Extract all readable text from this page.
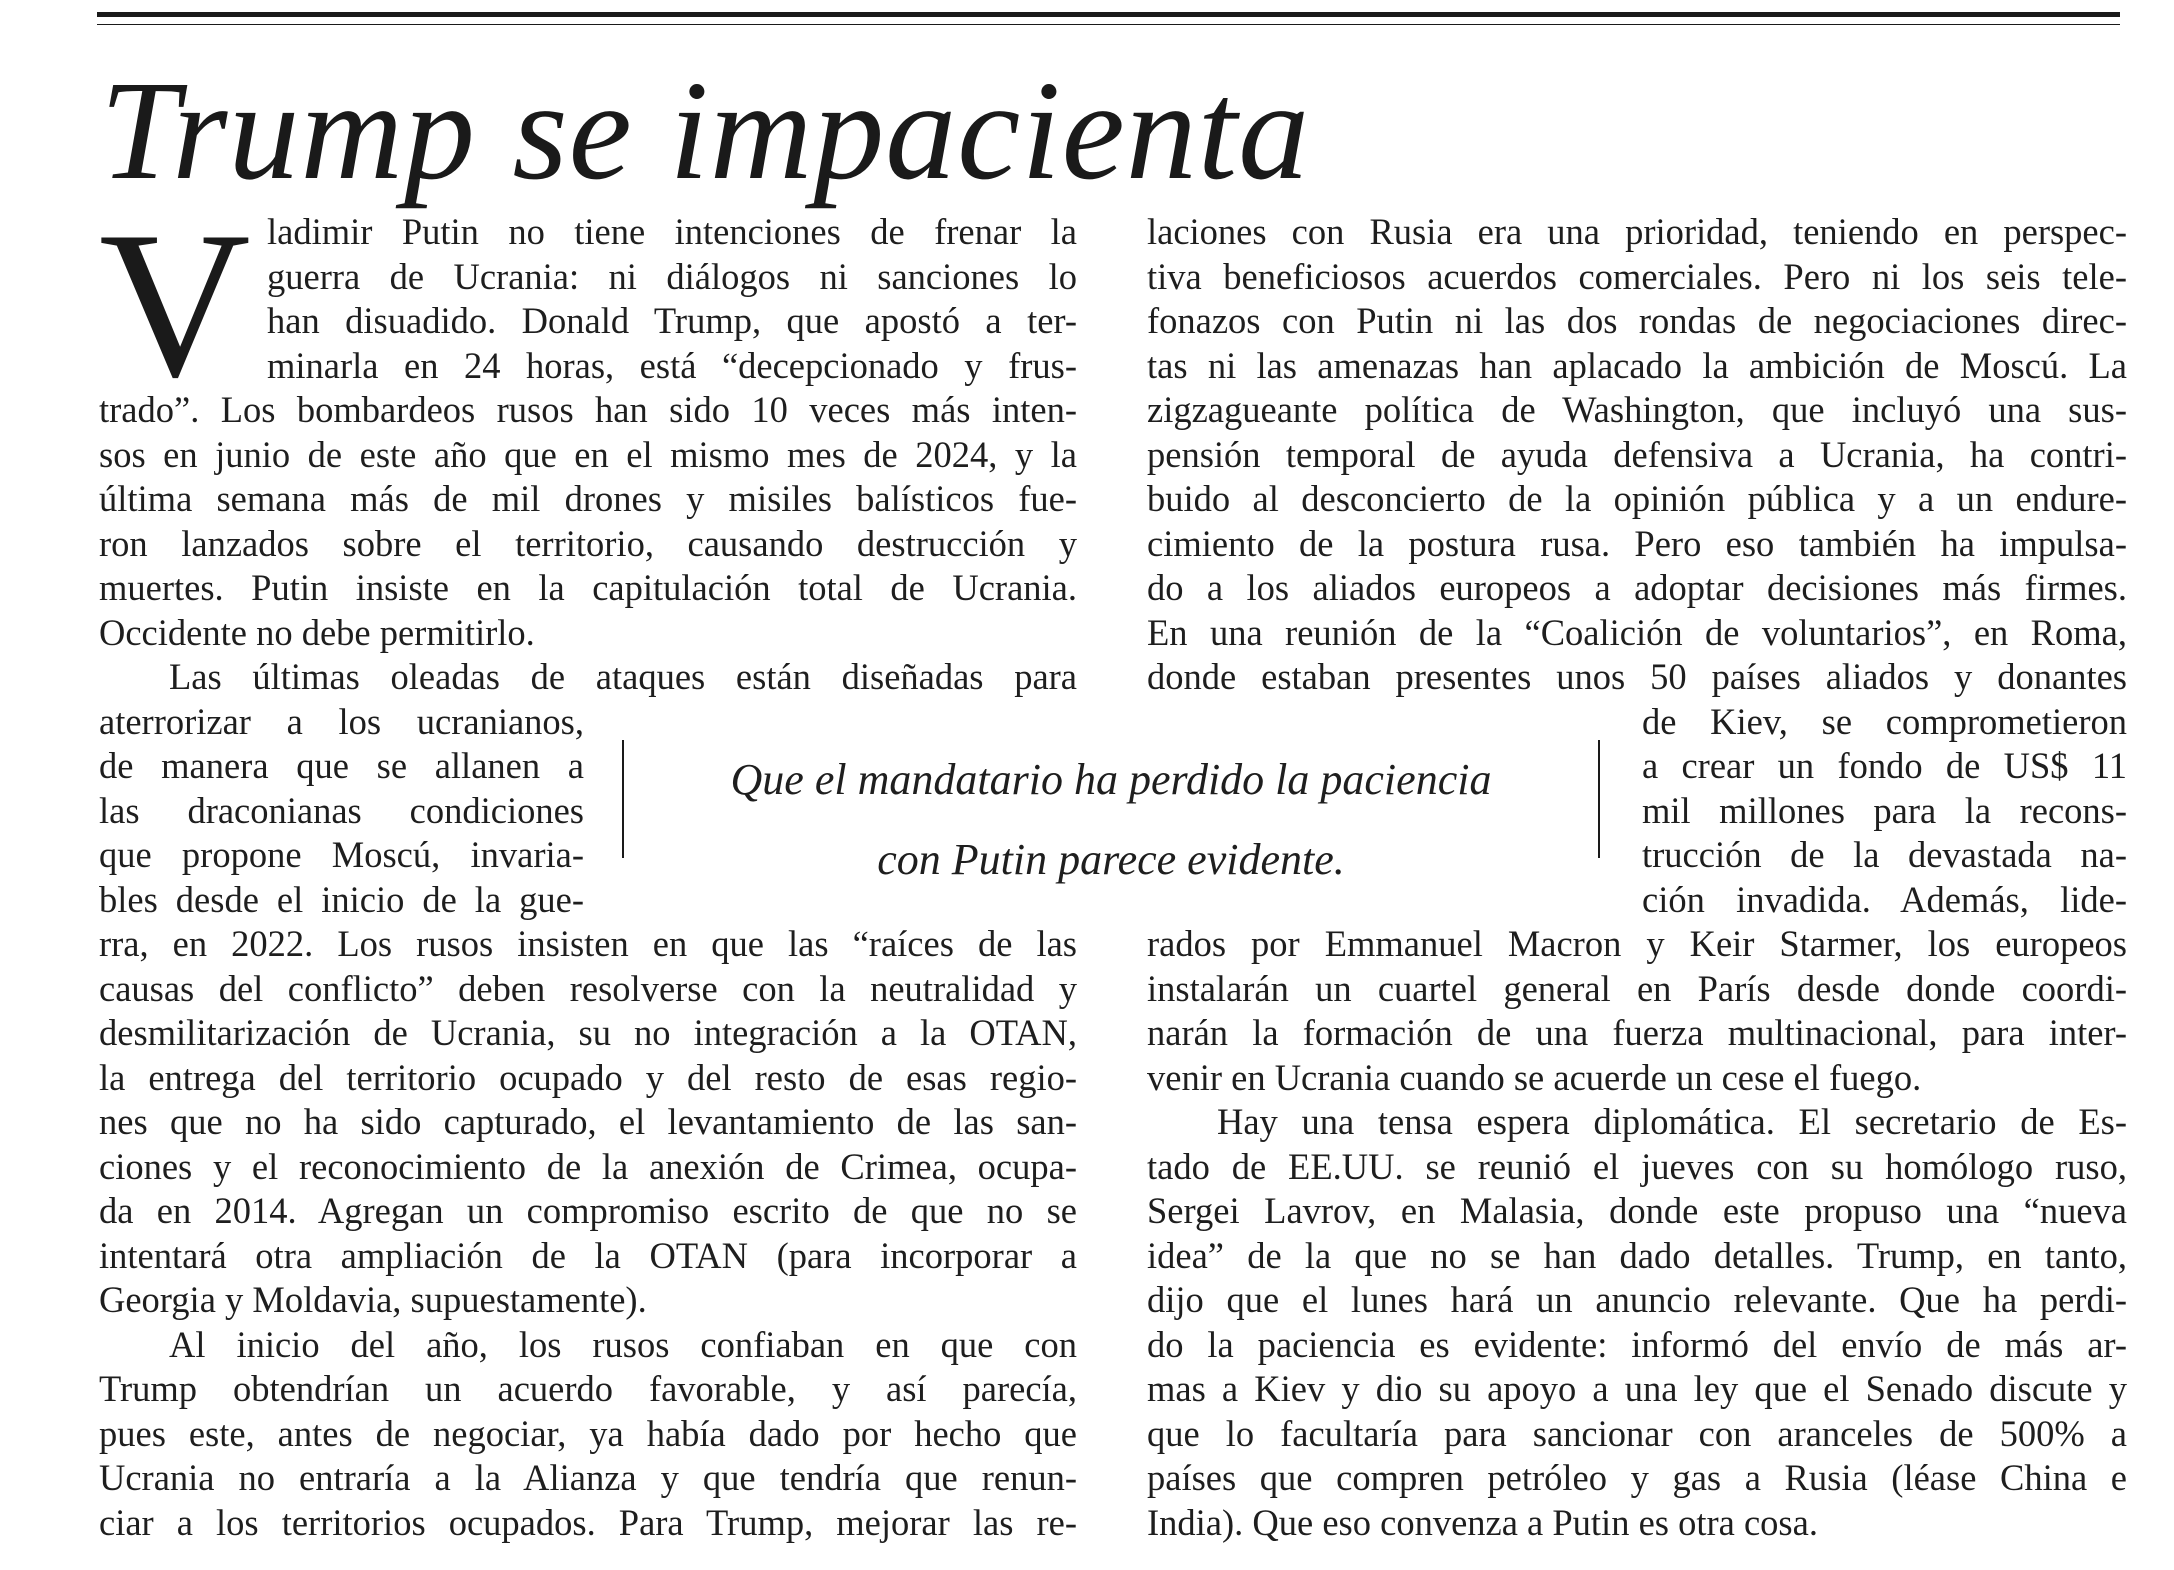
Trump se impacienta
V ladimir Putin no tiene intenciones de frenar la
guerra de Ucrania: ni diálogos ni sanciones lo
han disuadido. Donald Trump, que apostó a ter-
minarla en 24 horas, está “decepcionado y frus-
trado”. Los bombardeos rusos han sido 10 veces más inten-
sos en junio de este año que en el mismo mes de 2024, y la
última semana más de mil drones y misiles balísticos fue-
ron lanzados sobre el territorio, causando destrucción y
muertes. Putin insiste en la capitulación total de Ucrania.
Occidente no debe permitirlo.
Las últimas oleadas de ataques están diseñadas para
aterrorizar a los ucranianos,
de manera que se allanen a
las draconianas condiciones
que propone Moscú, invaria-
bles desde el inicio de la gue-
rra, en 2022. Los rusos insisten en que las “raíces de las
causas del conflicto” deben resolverse con la neutralidad y
desmilitarización de Ucrania, su no integración a la OTAN,
la entrega del territorio ocupado y del resto de esas regio-
nes que no ha sido capturado, el levantamiento de las san-
ciones y el reconocimiento de la anexión de Crimea, ocupa-
da en 2014. Agregan un compromiso escrito de que no se
intentará otra ampliación de la OTAN (para incorporar a
Georgia y Moldavia, supuestamente).
Al inicio del año, los rusos confiaban en que con
Trump obtendrían un acuerdo favorable, y así parecía,
pues este, antes de negociar, ya había dado por hecho que
Ucrania no entraría a la Alianza y que tendría que renun-
ciar a los territorios ocupados. Para Trump, mejorar las re-
laciones con Rusia era una prioridad, teniendo en perspec-
tiva beneficiosos acuerdos comerciales. Pero ni los seis tele-
fonazos con Putin ni las dos rondas de negociaciones direc-
tas ni las amenazas han aplacado la ambición de Moscú. La
zigzagueante política de Washington, que incluyó una sus-
pensión temporal de ayuda defensiva a Ucrania, ha contri-
buido al desconcierto de la opinión pública y a un endure-
cimiento de la postura rusa. Pero eso también ha impulsa-
do a los aliados europeos a adoptar decisiones más firmes.
En una reunión de la “Coalición de voluntarios”, en Roma,
donde estaban presentes unos 50 países aliados y donantes
de Kiev, se comprometieron
a crear un fondo de US$ 11
mil millones para la recons-
trucción de la devastada na-
ción invadida. Además, lide-
rados por Emmanuel Macron y Keir Starmer, los europeos
instalarán un cuartel general en París desde donde coordi-
narán la formación de una fuerza multinacional, para inter-
venir en Ucrania cuando se acuerde un cese el fuego.
Hay una tensa espera diplomática. El secretario de Es-
tado de EE.UU. se reunió el jueves con su homólogo ruso,
Sergei Lavrov, en Malasia, donde este propuso una “nueva
idea” de la que no se han dado detalles. Trump, en tanto,
dijo que el lunes hará un anuncio relevante. Que ha perdi-
do la paciencia es evidente: informó del envío de más ar-
mas a Kiev y dio su apoyo a una ley que el Senado discute y
que lo facultaría para sancionar con aranceles de 500% a
países que compren petróleo y gas a Rusia (léase China e
India). Que eso convenza a Putin es otra cosa.
Que el mandatario ha perdido la paciencia
con Putin parece evidente.
